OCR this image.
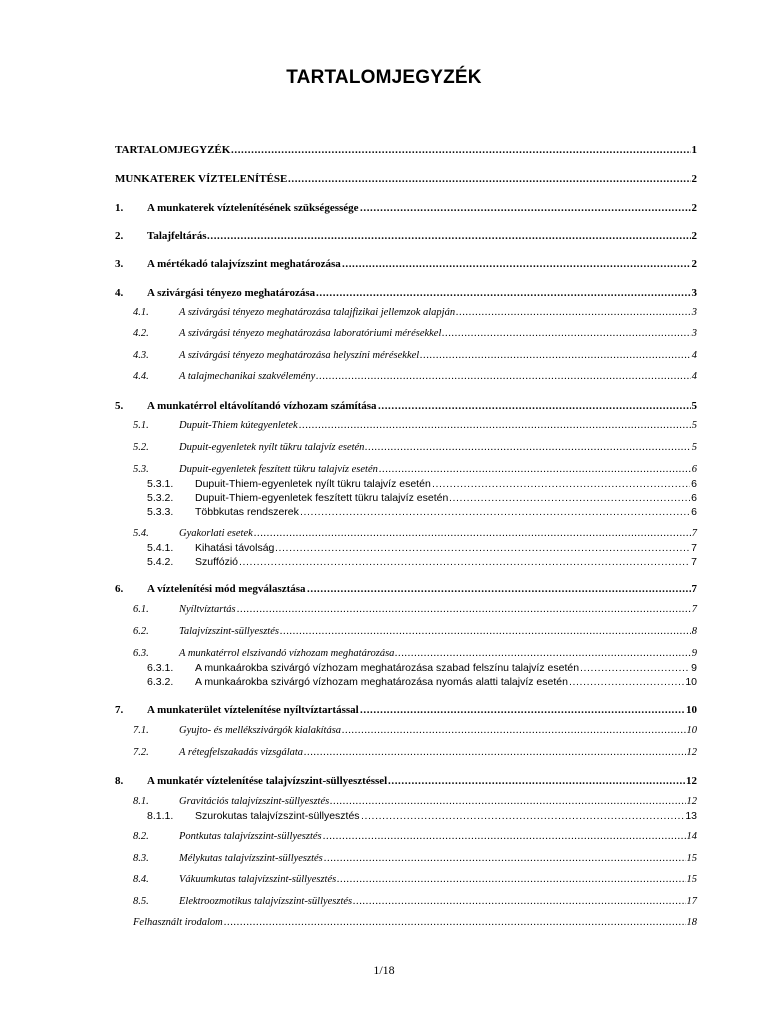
TARTALOMJEGYZÉK
TARTALOMJEGYZÉK .....	1
MUNKATEREK VÍZTELENÍTÉSE .....	2
1. A munkaterek víztelenítésének szükségessége .....	2
2. Talajfeltárás .....	2
3. A mértékadó talajvízszint meghatározása .....	2
4. A szivárgási tényezo meghatározása .....	3
4.1.	A szivárgási tényezo meghatározása talajfizikai jellemzok alapján .....	3
4.2.	A szivárgási tényezo meghatározása laboratóriumi mérésekkel .....	3
4.3.	A szivárgási tényezo meghatározása helyszíni mérésekkel .....	4
4.4.	A talajmechanikai szakvélemény .....	4
5. A munkatérrol eltávolítandó vízhozam számítása .....	5
5.1.	Dupuit-Thiem kútegyenletek .....	5
5.2.	Dupuit-egyenletek nyílt tükru talajvíz esetén .....	5
5.3.	Dupuit-egyenletek feszített tükru talajvíz esetén .....	6
5.3.1. Dupuit-Thiem-egyenletek nyílt tükru talajvíz esetén .....	6
5.3.2. Dupuit-Thiem-egyenletek feszített tükru talajvíz esetén .....	6
5.3.3. Többkutas rendszerek .....	6
5.4.	Gyakorlati esetek .....	7
5.4.1. Kihatási távolság .....	7
5.4.2. Szuffózió .....	7
6. A víztelenítési mód megválasztása .....	7
6.1.	Nyíltvíztartás .....	7
6.2.	Talajvízszint-süllyesztés .....	8
6.3.	A munkatérrol elszivandó vízhozam meghatározása .....	9
6.3.1. A munkaárokba szivárgó vízhozam meghatározása szabad felszínu talajvíz esetén .....	9
6.3.2. A munkaárokba szivárgó vízhozam meghatározása nyomás alatti talajvíz esetén .....	10
7. A munkaterület víztelenítése nyíltvíztartással .....	10
7.1.	Gyujto- és mellékszivárgók kialakítása .....	10
7.2.	A rétegfelszakadás vizsgálata .....	12
8. A munkatér víztelenítése talajvízszint-süllyesztéssel .....	12
8.1.	Gravitációs talajvízszint-süllyesztés .....	12
8.1.1. Szurokutas talajvízszint-süllyesztés .....	13
8.2.	Pontkutas talajvízszint-süllyesztés .....	14
8.3.	Mélykutas talajvízszint-süllyesztés .....	15
8.4.	Vákuumkutas talajvízszint-süllyesztés .....	15
8.5.	Elektroozmotikus talajvízszint-süllyesztés .....	17
Felhasznált irodalom .....	18
1/18
